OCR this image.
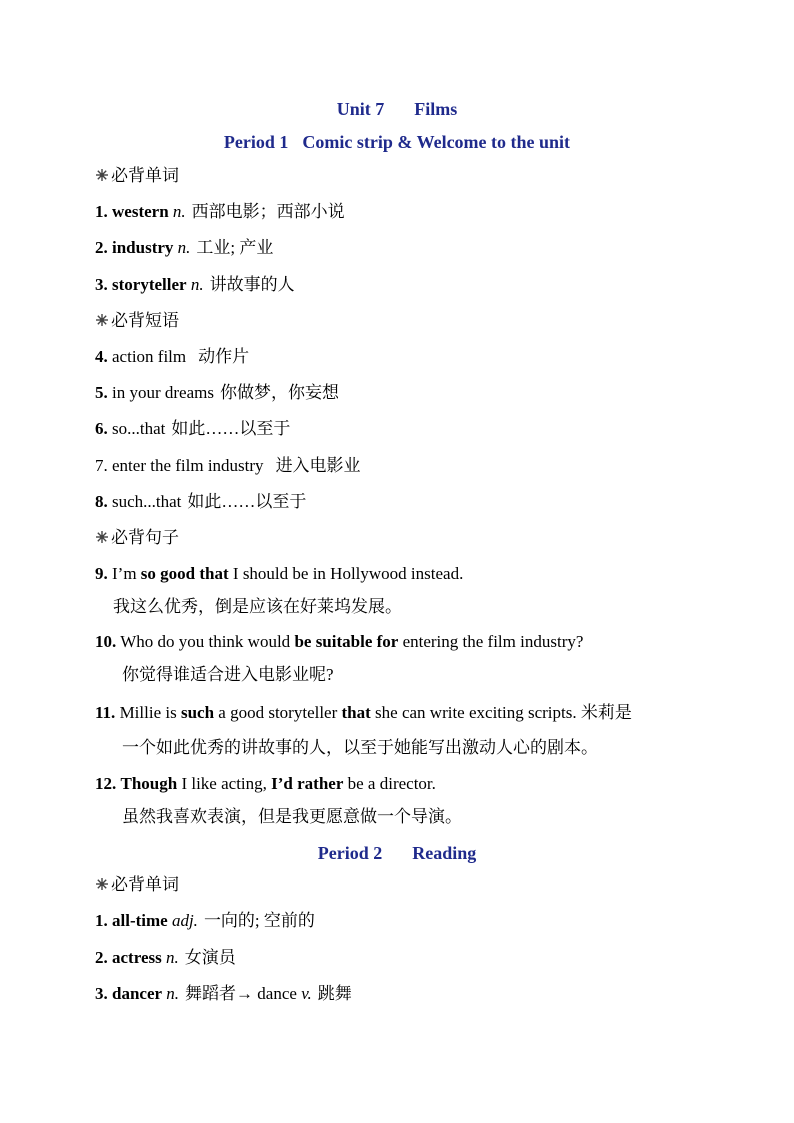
Unit 7 Films
Period 1 Comic strip & Welcome to the unit
必背单词
1. western n. 西部电影；西部小说
2. industry n. 工业; 产业
3. storyteller n. 讲故事的人
必背短语
4. action film 动作片
5. in your dreams 你做梦，你妄想
6. so...that 如此……以至于
7. enter the film industry 进入电影业
8. such...that 如此……以至于
必背句子
9. I’m so good that I should be in Hollywood instead.
我这么优秀，倒是应该在好莱坞发展。
10. Who do you think would be suitable for entering the film industry?
你觉得谁适合进入电影业呢?
11. Millie is such a good storyteller that she can write exciting scripts. 米莉是
一个如此优秀的讲故事的人，以至于她能写出激动人心的剧本。
12. Though I like acting, I’d rather be a director.
虽然我喜欢表演，但是我更愿意做一个导演。
Period 2 Reading
必背单词
1. all-time adj. 一向的; 空前的
2. actress n. 女演员
3. dancer n. 舞蹈者→ dance v. 跳舞
